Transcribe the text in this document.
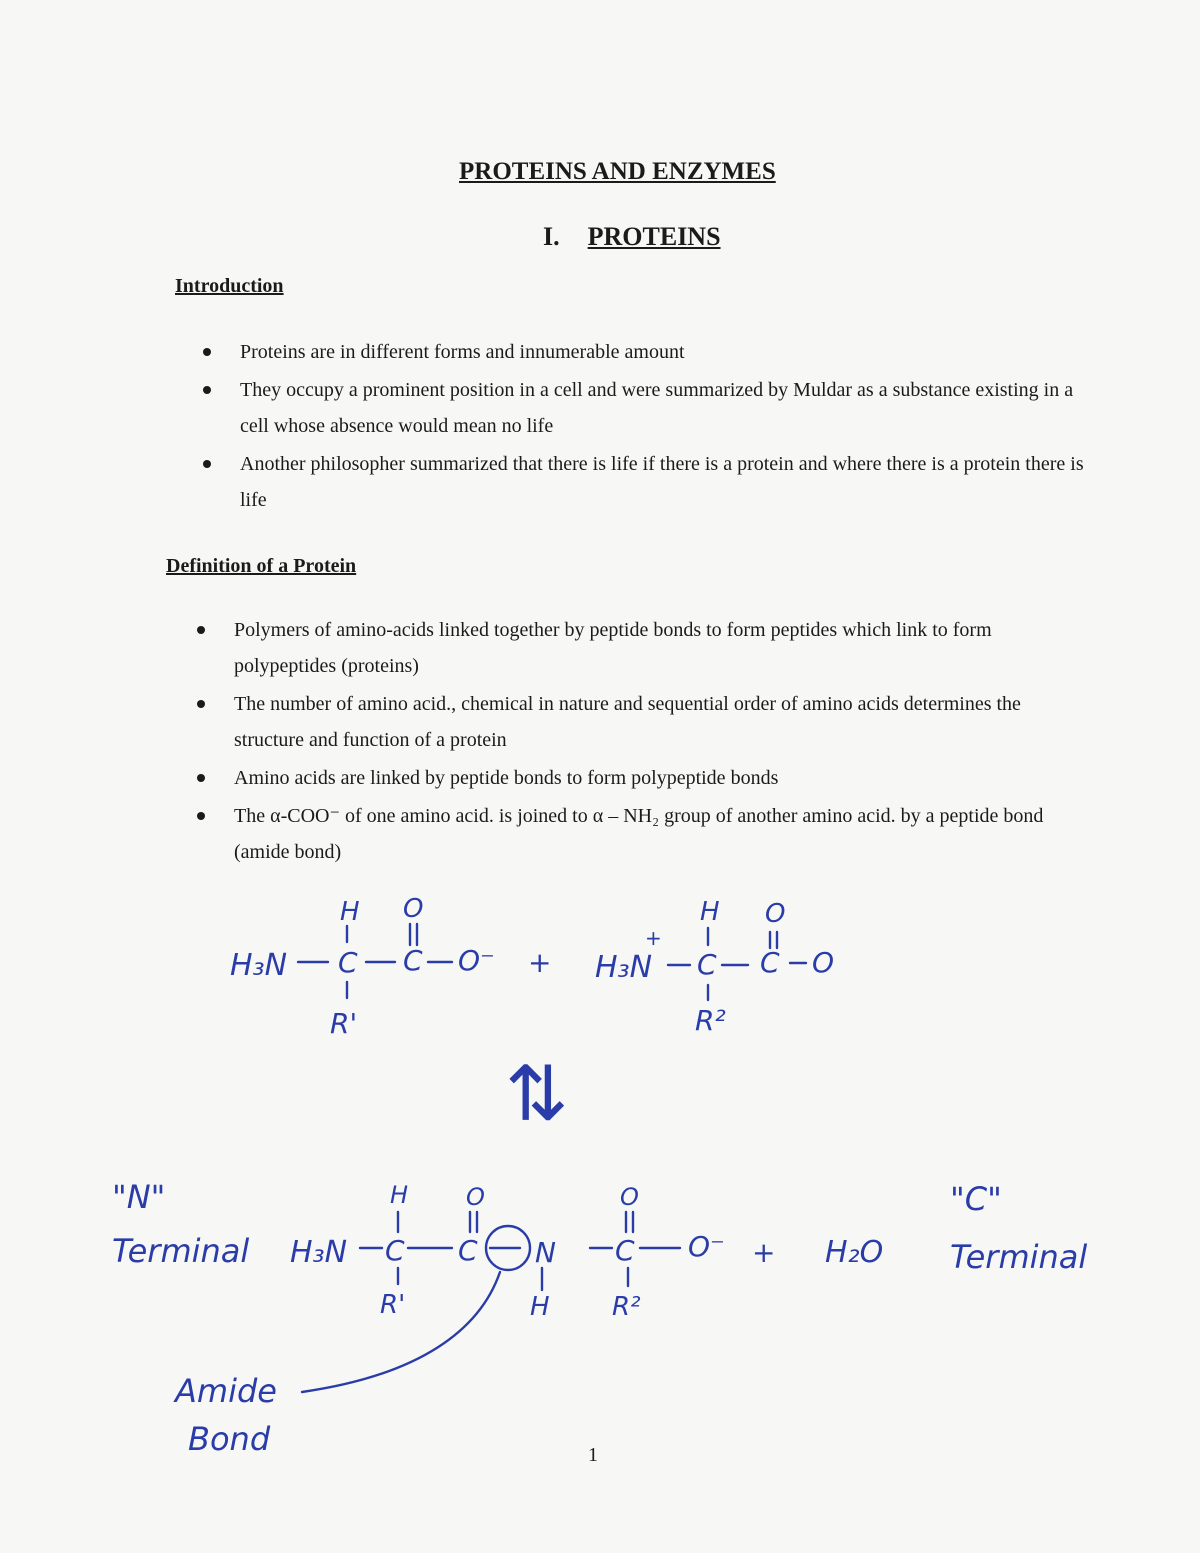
PROTEINS AND ENZYMES
I. PROTEINS
Introduction
Proteins are in different forms and innumerable amount
They occupy a prominent position in a cell and were summarized by Muldar as a substance existing in a cell whose absence would mean no life
Another philosopher summarized that there is life if there is a protein and where there is a protein there is life
Definition of a Protein
Polymers of amino-acids linked together by peptide bonds to form peptides which link to form polypeptides (proteins)
The number of amino acid., chemical in nature and sequential order of amino acids determines the structure and function of a protein
Amino acids are linked by peptide bonds to form polypeptide bonds
The α-COO⁻ of one amino acid. is joined to α – NH₂ group of another amino acid. by a peptide bond (amide bond)
H O
H₃N C C O⁻
R'
+
H O
+
H₃N C C O
R²
⇅
"N"
Terminal
H O	O
H₃N C C N C O⁻
H
R'	R²
+ H₂O
"C"
Terminal
Amide
Bond	1
